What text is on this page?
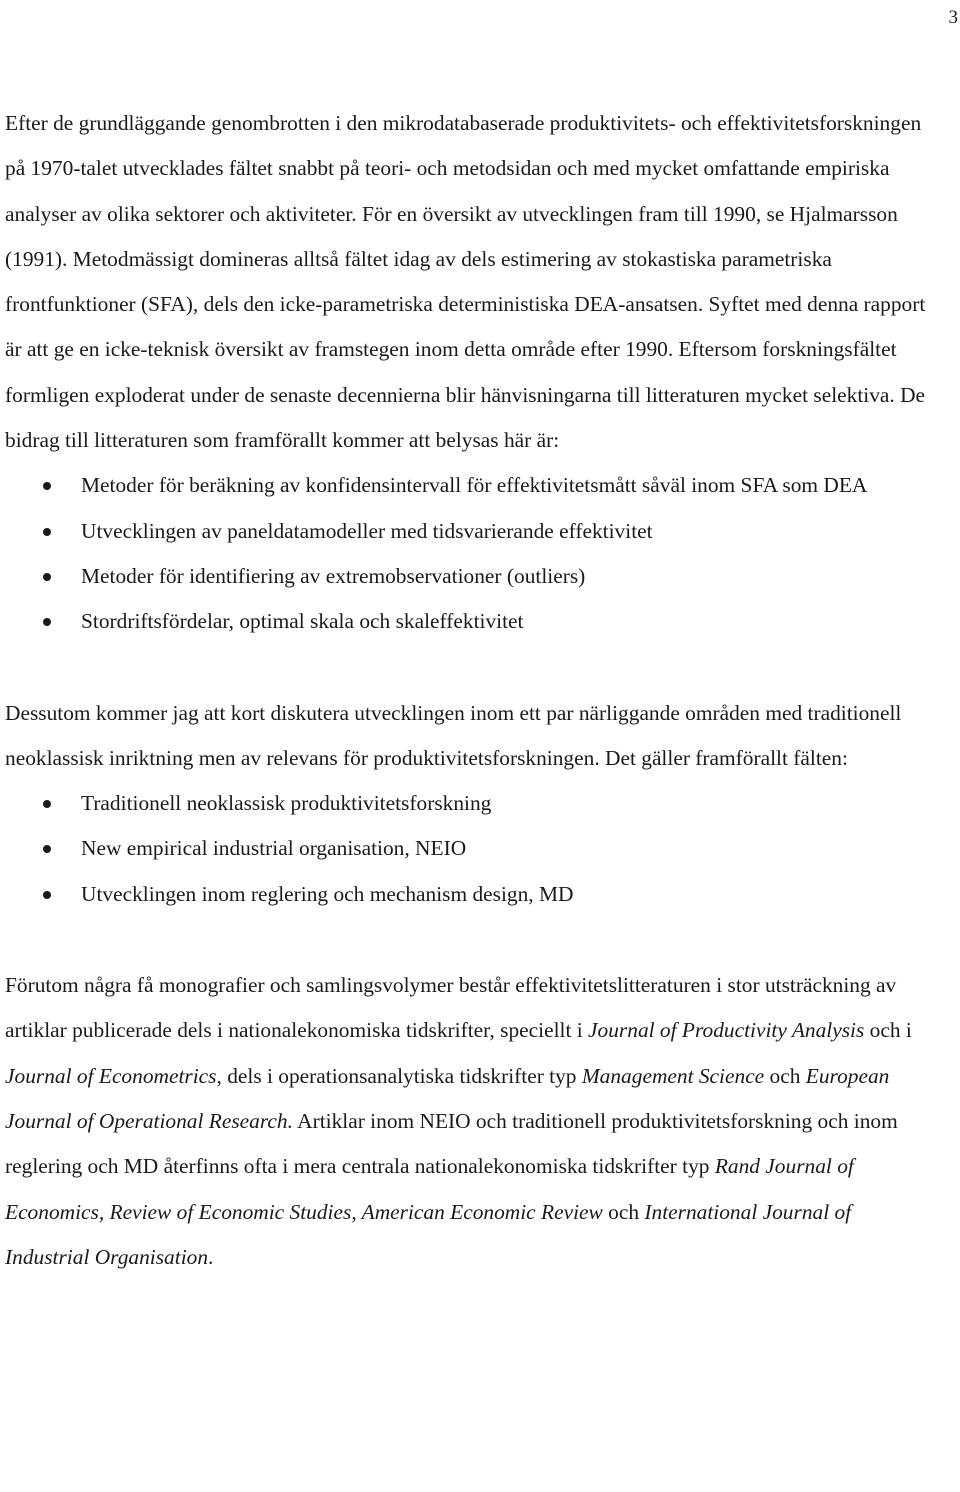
3

Efter de grundläggande genombrotten i den mikrodatabaserade produktivitets- och effektivitetsforskningen på 1970-talet utvecklades fältet snabbt på teori- och metodsidan och med mycket omfattande empiriska analyser av olika sektorer och aktiviteter. För en översikt av utvecklingen fram till 1990, se Hjalmarsson (1991). Metodmässigt domineras alltså fältet idag av dels estimering av stokastiska parametriska frontfunktioner (SFA), dels den icke-parametriska deterministiska DEA-ansatsen. Syftet med denna rapport är att ge en icke-teknisk översikt av framstegen inom detta område efter 1990. Eftersom forskningsfältet formligen exploderat under de senaste decennierna blir hänvisningarna till litteraturen mycket selektiva. De bidrag till litteraturen som framförallt kommer att belysas här är:

Metoder för beräkning av konfidensintervall för effektivitetsmått såväl inom SFA som DEA
Utvecklingen av paneldatamodeller med tidsvarierande effektivitet
Metoder för identifiering av extremobservationer (outliers)
Stordriftsfördelar, optimal skala och skaleffektivitet

Dessutom kommer jag att kort diskutera utvecklingen inom ett par närliggande områden med traditionell neoklassisk inriktning men av relevans för produktivitetsforskningen. Det gäller framförallt fälten:

Traditionell neoklassisk produktivitetsforskning
New empirical industrial organisation, NEIO
Utvecklingen inom reglering och mechanism design, MD

Förutom några få monografier och samlingsvolymer består effektivitetslitteraturen i stor utsträckning av artiklar publicerade dels i nationalekonomiska tidskrifter, speciellt i Journal of Productivity Analysis och i Journal of Econometrics, dels i operationsanalytiska tidskrifter typ Management Science och European Journal of Operational Research. Artiklar inom NEIO och traditionell produktivitetsforskning och inom reglering och MD återfinns ofta i mera centrala nationalekonomiska tidskrifter typ Rand Journal of Economics, Review of Economic Studies, American Economic Review och International Journal of Industrial Organisation.
